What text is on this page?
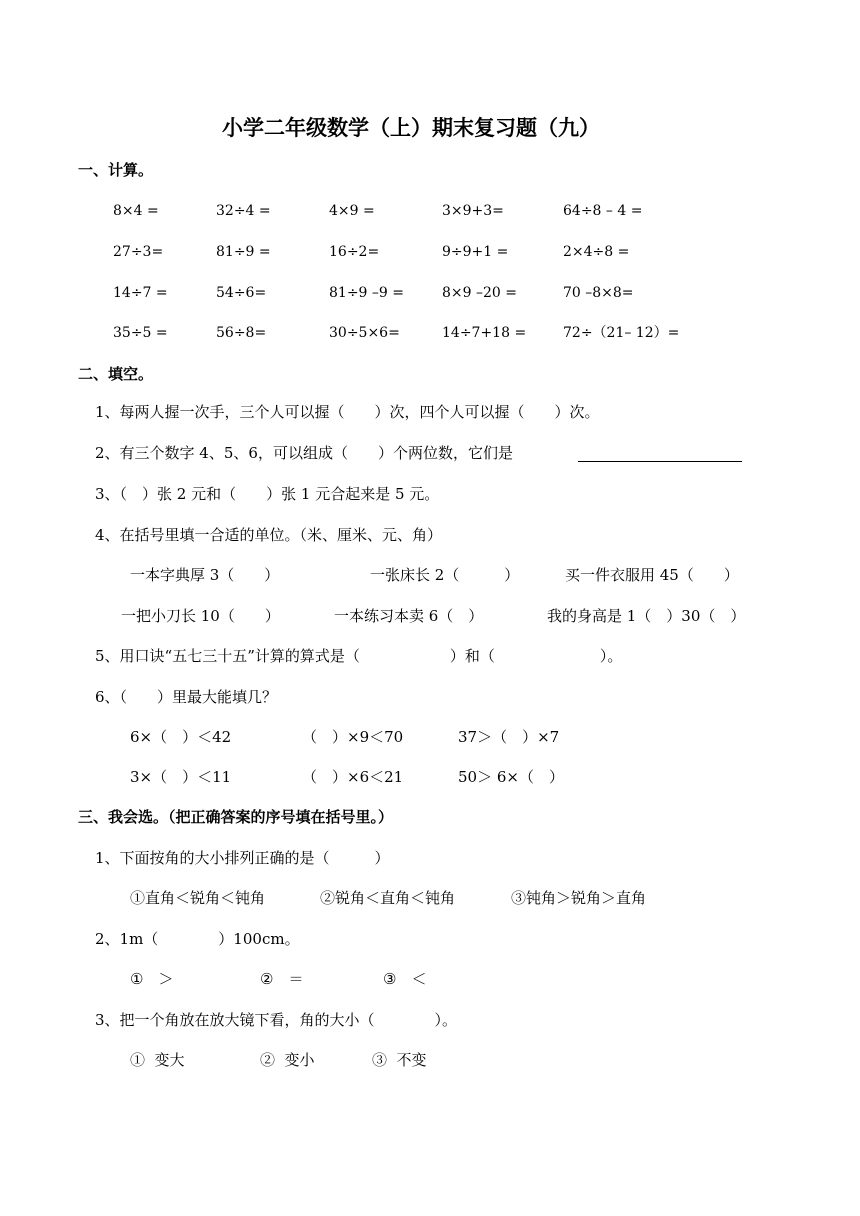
小学二年级数学（上）期末复习题（九）
一、计算。
8×4 =	32÷4 =	4×9 =	3×9+3=	64÷8 – 4 =
27÷3=	81÷9 =	16÷2=	9÷9+1 =	2×4÷8 =
14÷7 =	54÷6=	81÷9 –9 =	8×9 –20 =	70 –8×8=
35÷5 =	56÷8=	30÷5×6=	14÷7+18 =	72÷（21– 12）=
二、填空。
1、每两人握一次手，三个人可以握（　　）次，四个人可以握（　　）次。
2、有三个数字 4、5、6，可以组成（　　）个两位数，它们是
3、（　）张 2 元和（　　）张 1 元合起来是 5 元。
4、在括号里填一合适的单位。（米、厘米、元、角）
一本字典厚 3（　　）	一张床长 2（　　　）	买一件衣服用 45（　　）
一把小刀长 10（　　）	一本练习本卖 6（　）	我的身高是 1（　）30（　）
5、用口诀“五七三十五”计算的算式是（　　　　　　）和（　　　　　　　）。
6、（　　）里最大能填几？
6×（　）＜42	（　）×9＜70	37＞（　）×7
3×（　）＜11	（　）×6＜21	50＞ 6×（　）
三、我会选。（把正确答案的序号填在括号里。）
1、下面按角的大小排列正确的是（　　　）
①直角＜锐角＜钝角	②锐角＜直角＜钝角	③钝角＞锐角＞直角
2、1m（　　　　）100cm。
①　＞	②　＝	③　＜
3、把一个角放在放大镜下看，角的大小（　　　　）。
①  变大	②  变小	③  不变
